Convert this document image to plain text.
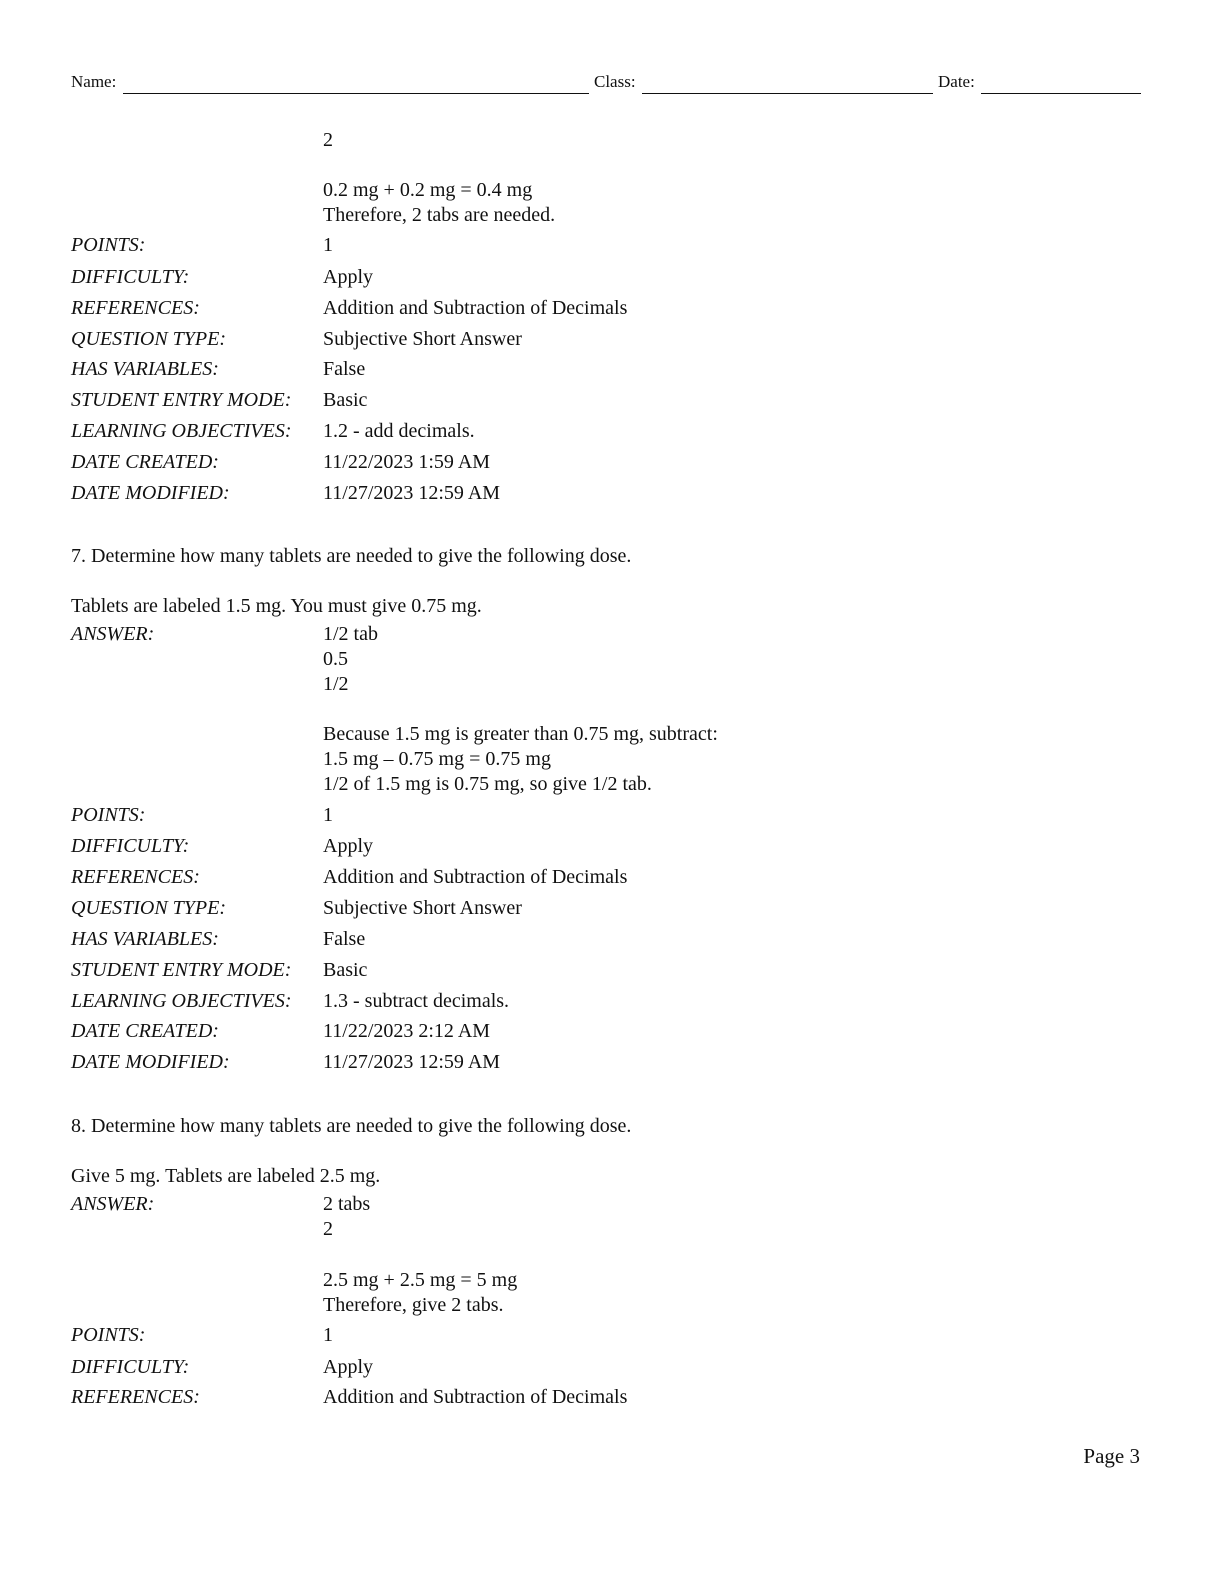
Name:	Class:	Date:
2
0.2 mg + 0.2 mg = 0.4 mg
Therefore, 2 tabs are needed.
POINTS:	1
DIFFICULTY:	Apply
REFERENCES:	Addition and Subtraction of Decimals
QUESTION TYPE:	Subjective Short Answer
HAS VARIABLES:	False
STUDENT ENTRY MODE: Basic
LEARNING OBJECTIVES: 1.2 - add decimals.
DATE CREATED:	11/22/2023 1:59 AM
DATE MODIFIED:	11/27/2023 12:59 AM
7. Determine how many tablets are needed to give the following dose.
Tablets are labeled 1.5 mg. You must give 0.75 mg.
ANSWER:	1/2 tab
0.5
1/2
Because 1.5 mg is greater than 0.75 mg, subtract:
1.5 mg – 0.75 mg = 0.75 mg
1/2 of 1.5 mg is 0.75 mg, so give 1/2 tab.
POINTS:	1
DIFFICULTY:	Apply
REFERENCES:	Addition and Subtraction of Decimals
QUESTION TYPE:	Subjective Short Answer
HAS VARIABLES:	False
STUDENT ENTRY MODE: Basic
LEARNING OBJECTIVES: 1.3 - subtract decimals.
DATE CREATED:	11/22/2023 2:12 AM
DATE MODIFIED:	11/27/2023 12:59 AM
8. Determine how many tablets are needed to give the following dose.
Give 5 mg. Tablets are labeled 2.5 mg.
ANSWER:	2 tabs
2
2.5 mg + 2.5 mg = 5 mg
Therefore, give 2 tabs.
POINTS:	1
DIFFICULTY:	Apply
REFERENCES:	Addition and Subtraction of Decimals
Page 3
